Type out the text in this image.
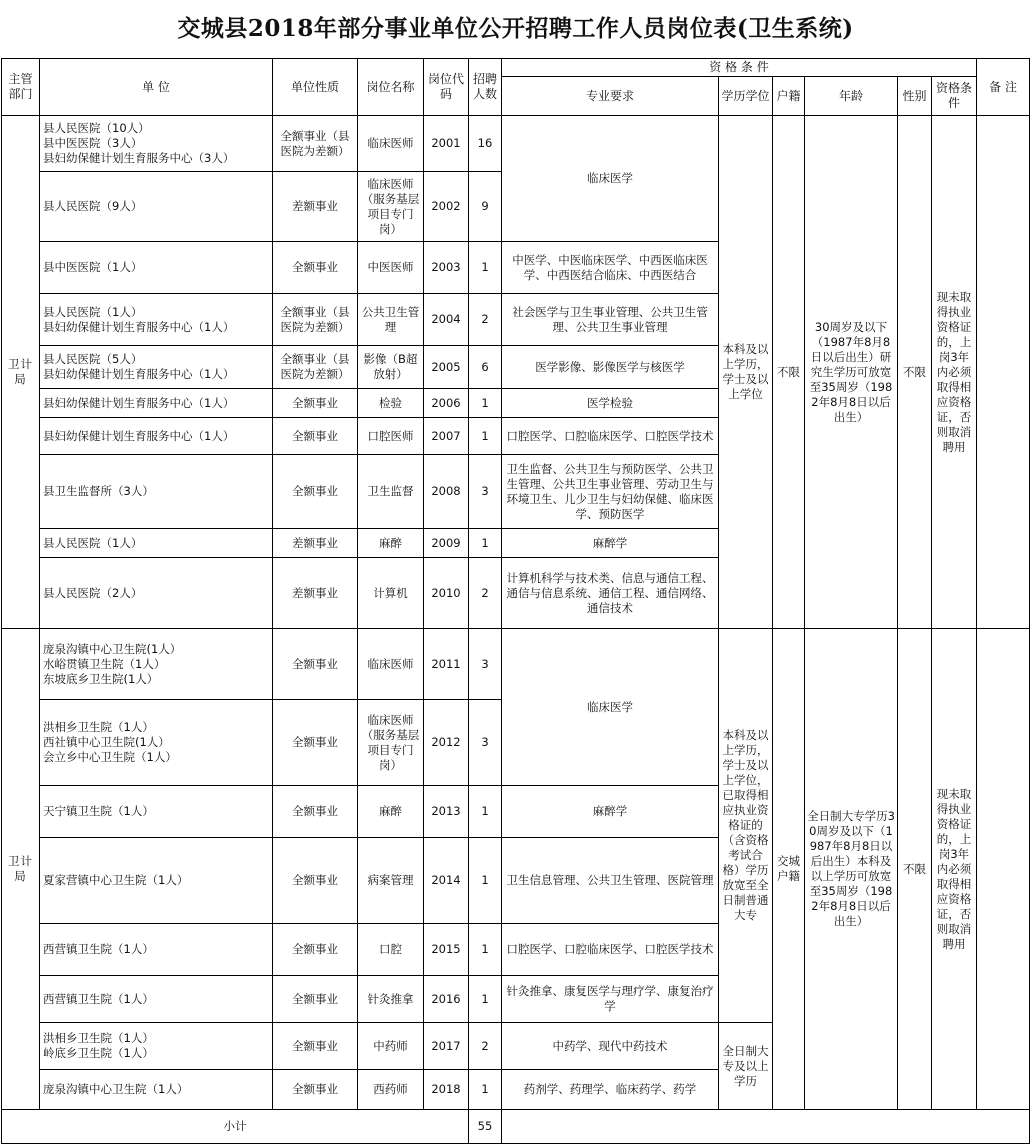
交城县2018年部分事业单位公开招聘工作人员岗位表(卫生系统)
主管部门	单 位	单位性质	岗位名称	岗位代码	招聘人数	资 格 条 件						备 注
						专业要求	学历学位	户籍	年龄	性别	资格条件	
卫计局	县人民医院（10人）
县中医医院（3人）
县妇幼保健计划生育服务中心（3人）	全额事业（县医院为差额）	临床医师	2001	16	临床医学	本科及以上学历，学士及以上学位	不限	30周岁及以下（1987年8月8日以后出生）研究生学历可放宽至35周岁（1982年8月8日以后出生）	不限	现未取得执业资格证的，上岗3年内必须取得相应资格证，否则取消聘用	

	县人民医院（9人）	差额事业	临床医师（服务基层项目专门岗）	2002	9							

	县中医医院（1人）	全额事业	中医医师	2003	1	中医学、中医临床医学、中西医临床医学、中西医结合临床、中西医结合						

	县人民医院（1人）
县妇幼保健计划生育服务中心（1人）	全额事业（县医院为差额）	公共卫生管理	2004	2	社会医学与卫生事业管理、公共卫生管理、公共卫生事业管理						

	县人民医院（5人）
县妇幼保健计划生育服务中心（1人）	全额事业（县医院为差额）	影像（B超放射）	2005	6	医学影像、影像医学与核医学						

	县妇幼保健计划生育服务中心（1人）	全额事业	检验	2006	1	医学检验						

	县妇幼保健计划生育服务中心（1人）	全额事业	口腔医师	2007	1	口腔医学、口腔临床医学、口腔医学技术						

	县卫生监督所（3人）	全额事业	卫生监督	2008	3	卫生监督、公共卫生与预防医学、公共卫生管理、公共卫生事业管理、劳动卫生与环境卫生、儿少卫生与妇幼保健、临床医学、预防医学						

	县人民医院（1人）	差额事业	麻醉	2009	1	麻醉学						

	县人民医院（2人）	差额事业	计算机	2010	2	计算机科学与技术类、信息与通信工程、通信与信息系统、通信工程、通信网络、通信技术						
卫计局	庞泉沟镇中心卫生院(1人）
水峪贯镇卫生院（1人）
东坡底乡卫生院(1人）	全额事业	临床医师	2011	3	临床医学	本科及以上学历，学士及以上学位，已取得相应执业资格证的（含资格考试合格）学历放宽至全日制普通大专	交城户籍	全日制大专学历30周岁及以下（1987年8月8日以后出生）本科及以上学历可放宽至35周岁（1982年8月8日以后出生）	不限	现未取得执业资格证的，上岗3年内必须取得相应资格证，否则取消聘用	

	洪相乡卫生院（1人）
西社镇中心卫生院(1人）
会立乡中心卫生院（1人）	全额事业	临床医师（服务基层项目专门岗）	2012	3							

	天宁镇卫生院（1人）	全额事业	麻醉	2013	1	麻醉学						

	夏家营镇中心卫生院（1人）	全额事业	病案管理	2014	1	卫生信息管理、公共卫生管理、医院管理						

	西营镇卫生院（1人）	全额事业	口腔	2015	1	口腔医学、口腔临床医学、口腔医学技术						

	西营镇卫生院（1人）	全额事业	针灸推拿	2016	1	针灸推拿、康复医学与理疗学、康复治疗学						

	洪相乡卫生院（1人）
岭底乡卫生院（1人）	全额事业	中药师	2017	2	中药学、现代中药技术	全日制大专及以上学历					

	庞泉沟镇中心卫生院（1人）	全额事业	西药师	2018	1	药剂学、药理学、临床药学、药学						
小计					55							
